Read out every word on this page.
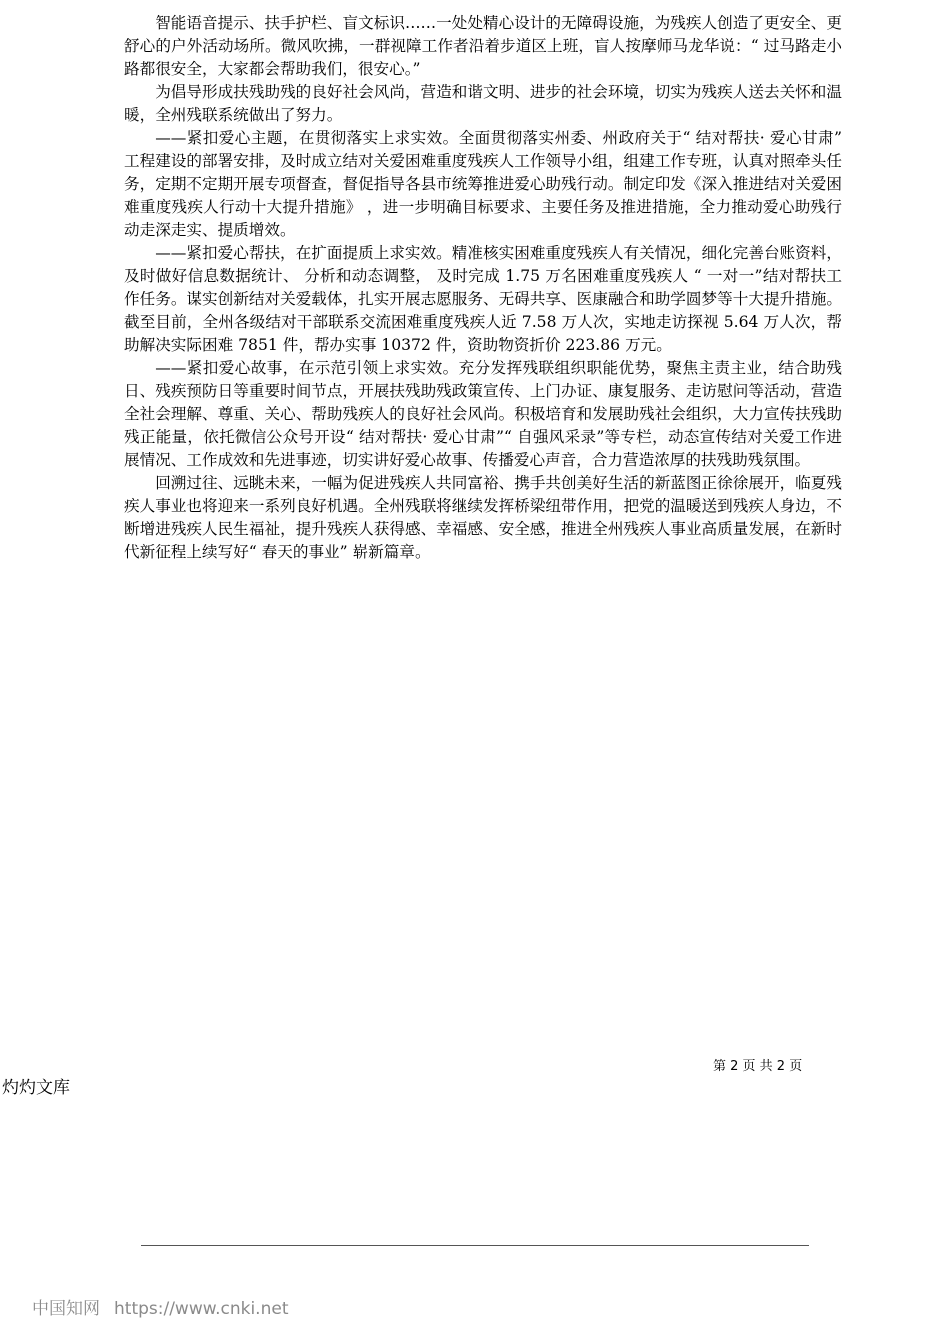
智能语音提示、扶手护栏、盲文标识……一处处精心设计的无障碍设施，为残疾人创造了更安全、更舒心的户外活动场所。微风吹拂，一群视障工作者沿着步道区上班，盲人按摩师马龙华说：“ 过马路走小路都很安全，大家都会帮助我们，很安心。”

为倡导形成扶残助残的良好社会风尚，营造和谐文明、进步的社会环境，切实为残疾人送去关怀和温暖，全州残联系统做出了努力。

——紧扣爱心主题，在贯彻落实上求实效。全面贯彻落实州委、州政府关于“ 结对帮扶· 爱心甘肃” 工程建设的部署安排，及时成立结对关爱困难重度残疾人工作领导小组，组建工作专班，认真对照牵头任务，定期不定期开展专项督查，督促指导各县市统筹推进爱心助残行动。制定印发《深入推进结对关爱困难重度残疾人行动十大提升措施》 ，进一步明确目标要求、主要任务及推进措施，全力推动爱心助残行动走深走实、提质增效。

——紧扣爱心帮扶，在扩面提质上求实效。精准核实困难重度残疾人有关情况，细化完善台账资料， 及时做好信息数据统计、 分析和动态调整， 及时完成 1.75 万名困难重度残疾人 “ 一对一”结对帮扶工作任务。谋实创新结对关爱载体，扎实开展志愿服务、无碍共享、医康融合和助学圆梦等十大提升措施。截至目前，全州各级结对干部联系交流困难重度残疾人近 7.58 万人次，实地走访探视 5.64 万人次，帮助解决实际困难 7851 件，帮办实事 10372 件，资助物资折价 223.86 万元。

——紧扣爱心故事，在示范引领上求实效。充分发挥残联组织职能优势，聚焦主责主业，结合助残日、残疾预防日等重要时间节点，开展扶残助残政策宣传、上门办证、康复服务、走访慰问等活动，营造全社会理解、尊重、关心、帮助残疾人的良好社会风尚。积极培育和发展助残社会组织，大力宣传扶残助残正能量，依托微信公众号开设“ 结对帮扶· 爱心甘肃”“ 自强风采录”等专栏，动态宣传结对关爱工作进展情况、工作成效和先进事迹，切实讲好爱心故事、传播爱心声音，合力营造浓厚的扶残助残氛围。

回溯过往、远眺未来，一幅为促进残疾人共同富裕、携手共创美好生活的新蓝图正徐徐展开，临夏残疾人事业也将迎来一系列良好机遇。全州残联将继续发挥桥梁纽带作用，把党的温暖送到残疾人身边，不断增进残疾人民生福祉，提升残疾人获得感、幸福感、安全感，推进全州残疾人事业高质量发展，在新时代新征程上续写好“ 春天的事业” 崭新篇章。

第 2 页 共 2 页
灼灼文库
中国知网 https://www.cnki.net
